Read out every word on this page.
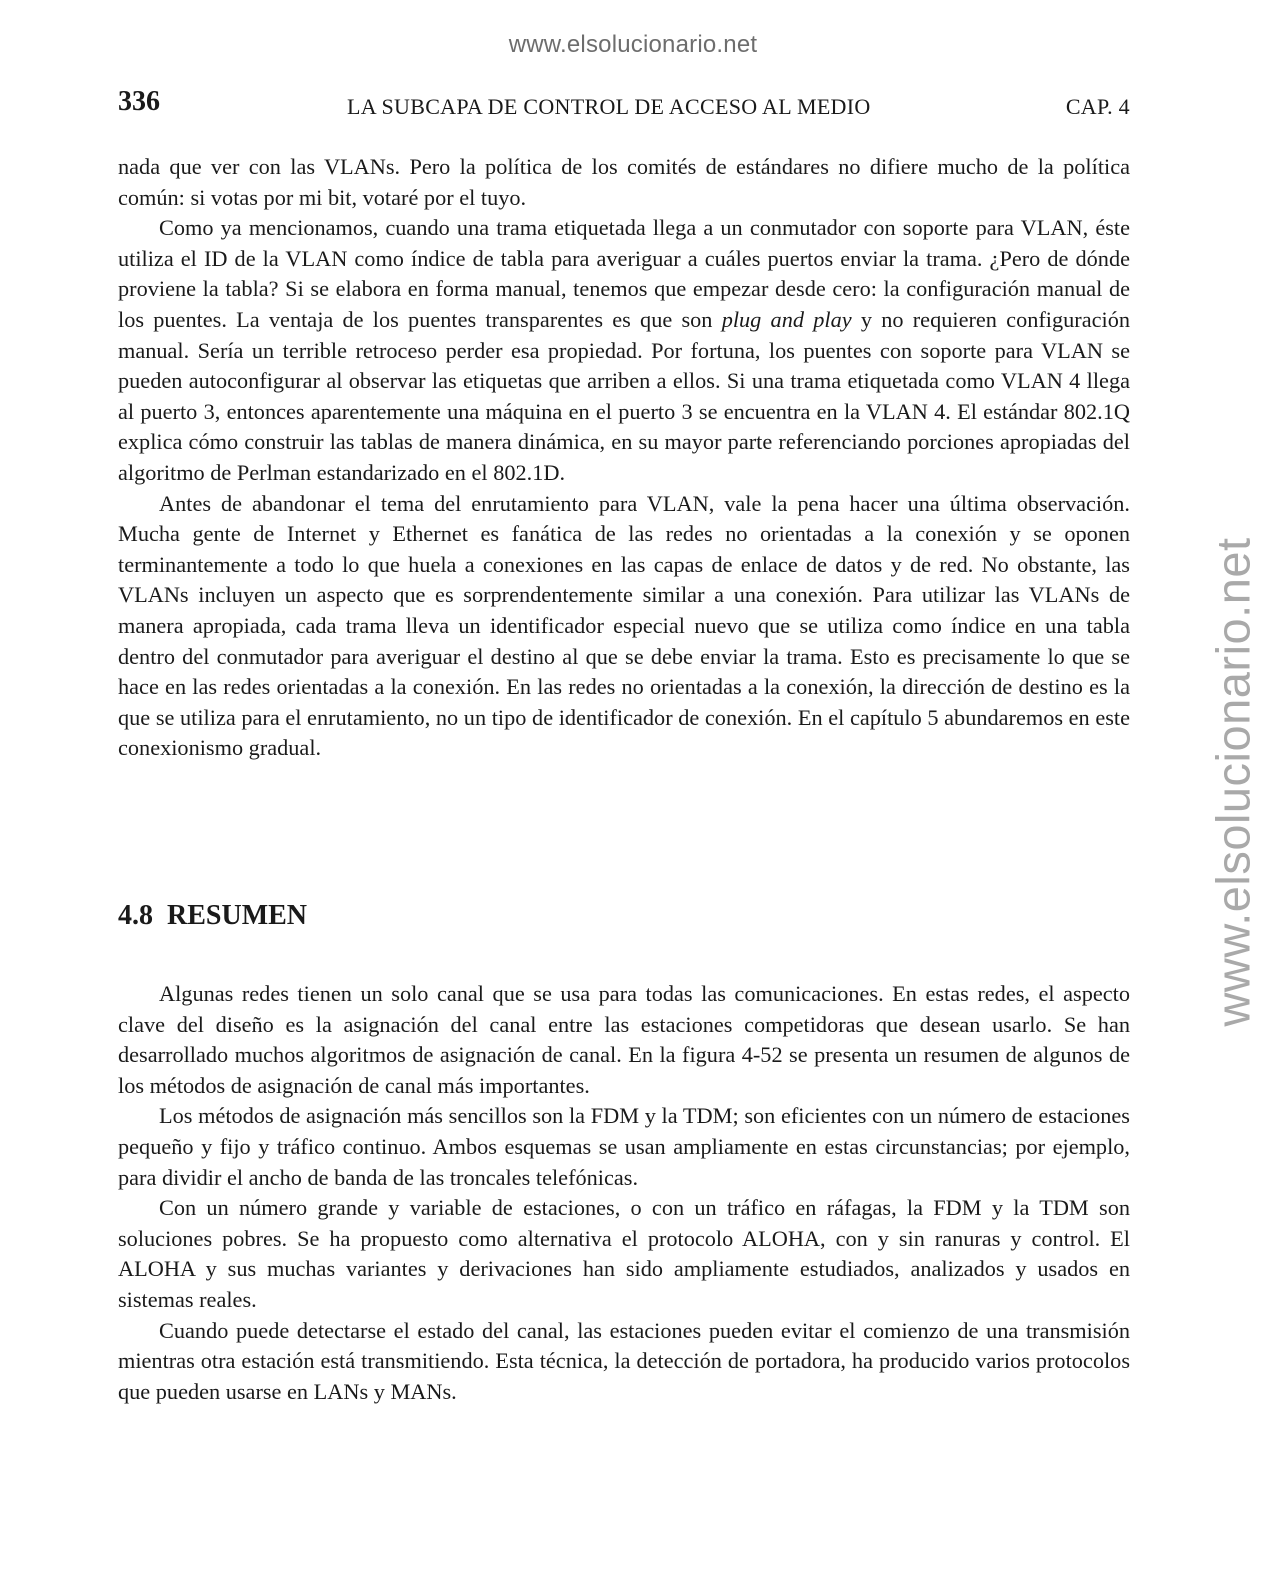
www.elsolucionario.net
www.elsolucionario.net
336	LA SUBCAPA DE CONTROL DE ACCESO AL MEDIO	CAP. 4

nada que ver con las VLANs. Pero la política de los comités de estándares no difiere mucho de la política común: si votas por mi bit, votaré por el tuyo.

Como ya mencionamos, cuando una trama etiquetada llega a un conmutador con soporte para VLAN, éste utiliza el ID de la VLAN como índice de tabla para averiguar a cuáles puertos enviar la trama. ¿Pero de dónde proviene la tabla? Si se elabora en forma manual, tenemos que empezar desde cero: la configuración manual de los puentes. La ventaja de los puentes transparentes es que son plug and play y no requieren configuración manual. Sería un terrible retroceso perder esa propiedad. Por fortuna, los puentes con soporte para VLAN se pueden autoconfigurar al observar las etiquetas que arriben a ellos. Si una trama etiquetada como VLAN 4 llega al puerto 3, entonces aparentemente una máquina en el puerto 3 se encuentra en la VLAN 4. El estándar 802.1Q explica cómo construir las tablas de manera dinámica, en su mayor parte referenciando porciones apropiadas del algoritmo de Perlman estandarizado en el 802.1D.

Antes de abandonar el tema del enrutamiento para VLAN, vale la pena hacer una última observación. Mucha gente de Internet y Ethernet es fanática de las redes no orientadas a la conexión y se oponen terminantemente a todo lo que huela a conexiones en las capas de enlace de datos y de red. No obstante, las VLANs incluyen un aspecto que es sorprendentemente similar a una conexión. Para utilizar las VLANs de manera apropiada, cada trama lleva un identificador especial nuevo que se utiliza como índice en una tabla dentro del conmutador para averiguar el destino al que se debe enviar la trama. Esto es precisamente lo que se hace en las redes orientadas a la conexión. En las redes no orientadas a la conexión, la dirección de destino es la que se utiliza para el enrutamiento, no un tipo de identificador de conexión. En el capítulo 5 abundaremos en este conexionismo gradual.

4.8 RESUMEN

Algunas redes tienen un solo canal que se usa para todas las comunicaciones. En estas redes, el aspecto clave del diseño es la asignación del canal entre las estaciones competidoras que desean usarlo. Se han desarrollado muchos algoritmos de asignación de canal. En la figura 4-52 se presenta un resumen de algunos de los métodos de asignación de canal más importantes.

Los métodos de asignación más sencillos son la FDM y la TDM; son eficientes con un número de estaciones pequeño y fijo y tráfico continuo. Ambos esquemas se usan ampliamente en estas circunstancias; por ejemplo, para dividir el ancho de banda de las troncales telefónicas.

Con un número grande y variable de estaciones, o con un tráfico en ráfagas, la FDM y la TDM son soluciones pobres. Se ha propuesto como alternativa el protocolo ALOHA, con y sin ranuras y control. El ALOHA y sus muchas variantes y derivaciones han sido ampliamente estudiados, analizados y usados en sistemas reales.

Cuando puede detectarse el estado del canal, las estaciones pueden evitar el comienzo de una transmisión mientras otra estación está transmitiendo. Esta técnica, la detección de portadora, ha producido varios protocolos que pueden usarse en LANs y MANs.
